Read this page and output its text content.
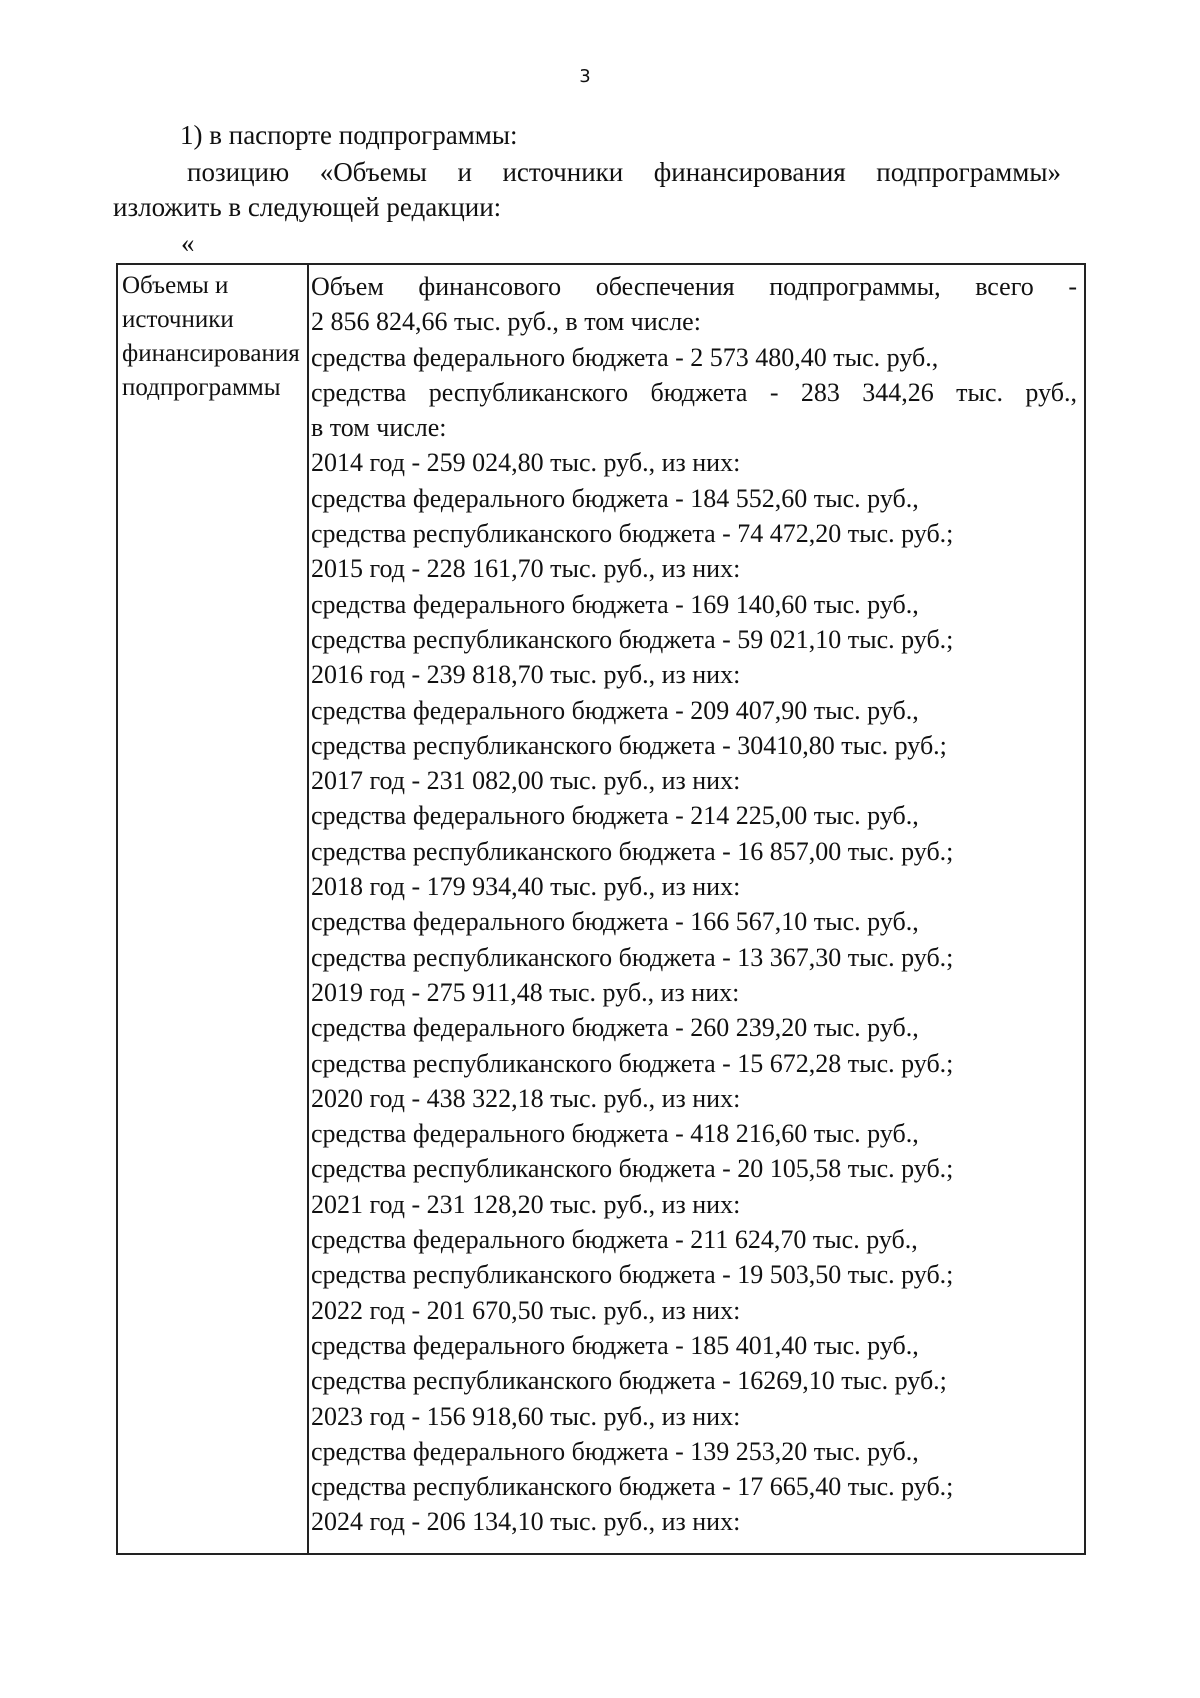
3
1) в паспорте подпрограммы:
позицию «Объемы и источники финансирования подпрограммы»
изложить в следующей редакции:
«
Объемы и
источники
финансирования
подпрограммы
Объем финансового обеспечения подпрограммы, всего -
2 856 824,66 тыс. руб., в том числе:
средства федерального бюджета - 2 573 480,40 тыс. руб.,
средства республиканского бюджета - 283 344,26 тыс. руб.,
в том числе:
2014 год - 259 024,80 тыс. руб., из них:
средства федерального бюджета - 184 552,60 тыс. руб.,
средства республиканского бюджета - 74 472,20 тыс. руб.;
2015 год - 228 161,70 тыс. руб., из них:
средства федерального бюджета - 169 140,60 тыс. руб.,
средства республиканского бюджета - 59 021,10 тыс. руб.;
2016 год - 239 818,70 тыс. руб., из них:
средства федерального бюджета - 209 407,90 тыс. руб.,
средства республиканского бюджета - 30410,80 тыс. руб.;
2017 год - 231 082,00 тыс. руб., из них:
средства федерального бюджета - 214 225,00 тыс. руб.,
средства республиканского бюджета - 16 857,00 тыс. руб.;
2018 год - 179 934,40 тыс. руб., из них:
средства федерального бюджета - 166 567,10 тыс. руб.,
средства республиканского бюджета - 13 367,30 тыс. руб.;
2019 год - 275 911,48 тыс. руб., из них:
средства федерального бюджета - 260 239,20 тыс. руб.,
средства республиканского бюджета - 15 672,28 тыс. руб.;
2020 год - 438 322,18 тыс. руб., из них:
средства федерального бюджета - 418 216,60 тыс. руб.,
средства республиканского бюджета - 20 105,58 тыс. руб.;
2021 год - 231 128,20 тыс. руб., из них:
средства федерального бюджета - 211 624,70 тыс. руб.,
средства республиканского бюджета - 19 503,50 тыс. руб.;
2022 год - 201 670,50 тыс. руб., из них:
средства федерального бюджета - 185 401,40 тыс. руб.,
средства республиканского бюджета - 16269,10 тыс. руб.;
2023 год - 156 918,60 тыс. руб., из них:
средства федерального бюджета - 139 253,20 тыс. руб.,
средства республиканского бюджета - 17 665,40 тыс. руб.;
2024 год - 206 134,10 тыс. руб., из них:
